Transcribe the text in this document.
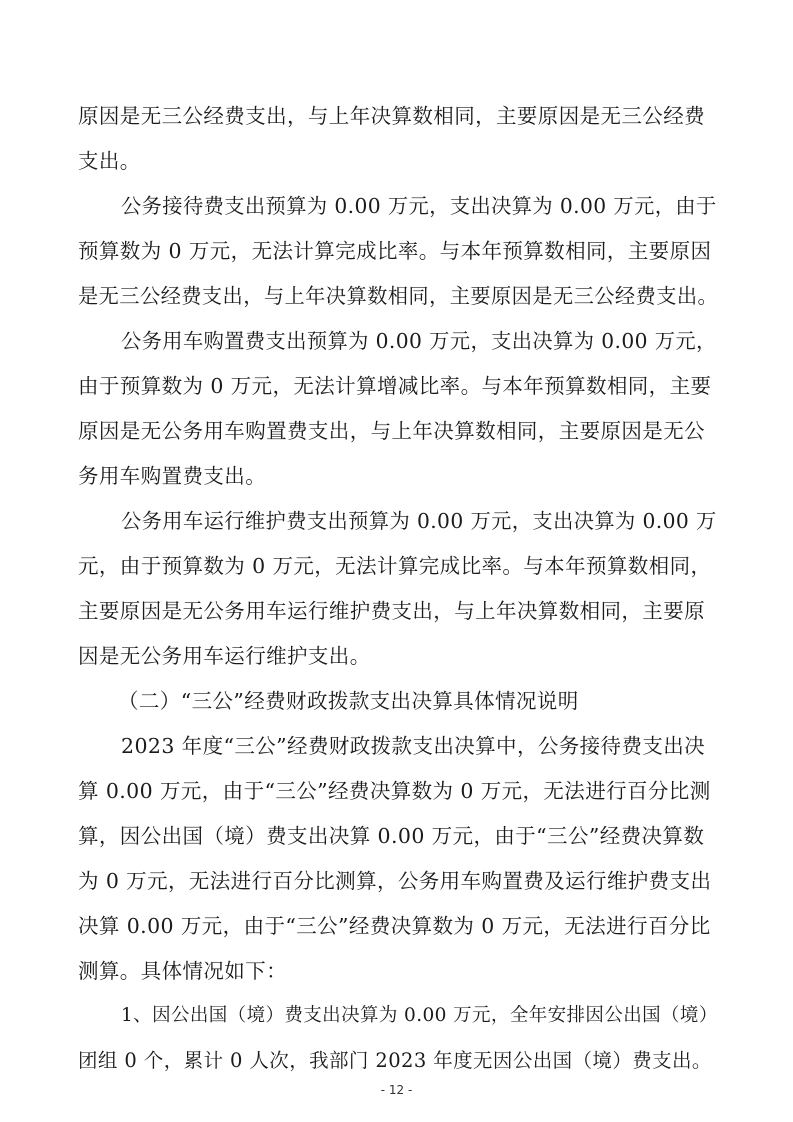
原因是无三公经费支出，与上年决算数相同，主要原因是无三公经费
支出。
公务接待费支出预算为 0.00 万元，支出决算为 0.00 万元，由于
预算数为 0 万元，无法计算完成比率。与本年预算数相同，主要原因
是无三公经费支出，与上年决算数相同，主要原因是无三公经费支出。
公务用车购置费支出预算为 0.00 万元，支出决算为 0.00 万元，
由于预算数为 0 万元，无法计算增减比率。与本年预算数相同，主要
原因是无公务用车购置费支出，与上年决算数相同，主要原因是无公
务用车购置费支出。
公务用车运行维护费支出预算为 0.00 万元，支出决算为 0.00 万
元，由于预算数为 0 万元，无法计算完成比率。与本年预算数相同，
主要原因是无公务用车运行维护费支出，与上年决算数相同，主要原
因是无公务用车运行维护支出。
（二）“三公”经费财政拨款支出决算具体情况说明
2023 年度“三公”经费财政拨款支出决算中，公务接待费支出决
算 0.00 万元，由于“三公”经费决算数为 0 万元，无法进行百分比测
算，因公出国（境）费支出决算 0.00 万元，由于“三公”经费决算数
为 0 万元，无法进行百分比测算，公务用车购置费及运行维护费支出
决算 0.00 万元，由于“三公”经费决算数为 0 万元，无法进行百分比
测算。具体情况如下：
1、因公出国（境）费支出决算为 0.00 万元，全年安排因公出国（境）
团组 0 个，累计 0 人次，我部门 2023 年度无因公出国（境）费支出。
- 12 -
